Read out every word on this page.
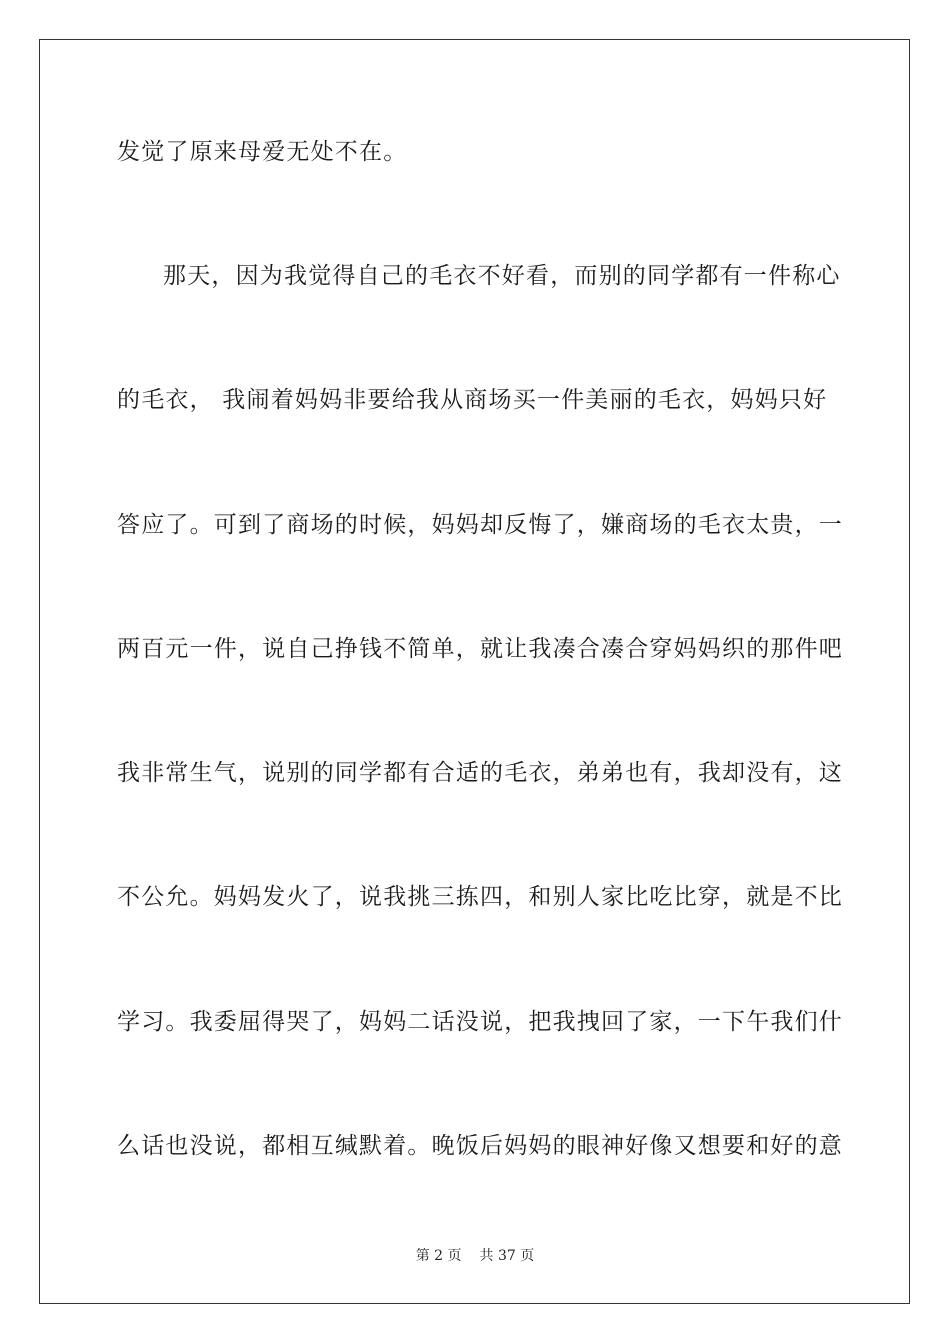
发觉了原来母爱无处不在。
那天，因为我觉得自己的毛衣不好看，而别的同学都有一件称心
的毛衣， 我闹着妈妈非要给我从商场买一件美丽的毛衣，妈妈只好
答应了。可到了商场的时候，妈妈却反悔了，嫌商场的毛衣太贵，一
两百元一件，说自己挣钱不简单，就让我凑合凑合穿妈妈织的那件吧
我非常生气，说别的同学都有合适的毛衣，弟弟也有，我却没有，这
不公允。妈妈发火了，说我挑三拣四，和别人家比吃比穿，就是不比
学习。我委屈得哭了，妈妈二话没说，把我拽回了家，一下午我们什
么话也没说，都相互缄默着。晚饭后妈妈的眼神好像又想要和好的意
第 2 页 共 37 页
